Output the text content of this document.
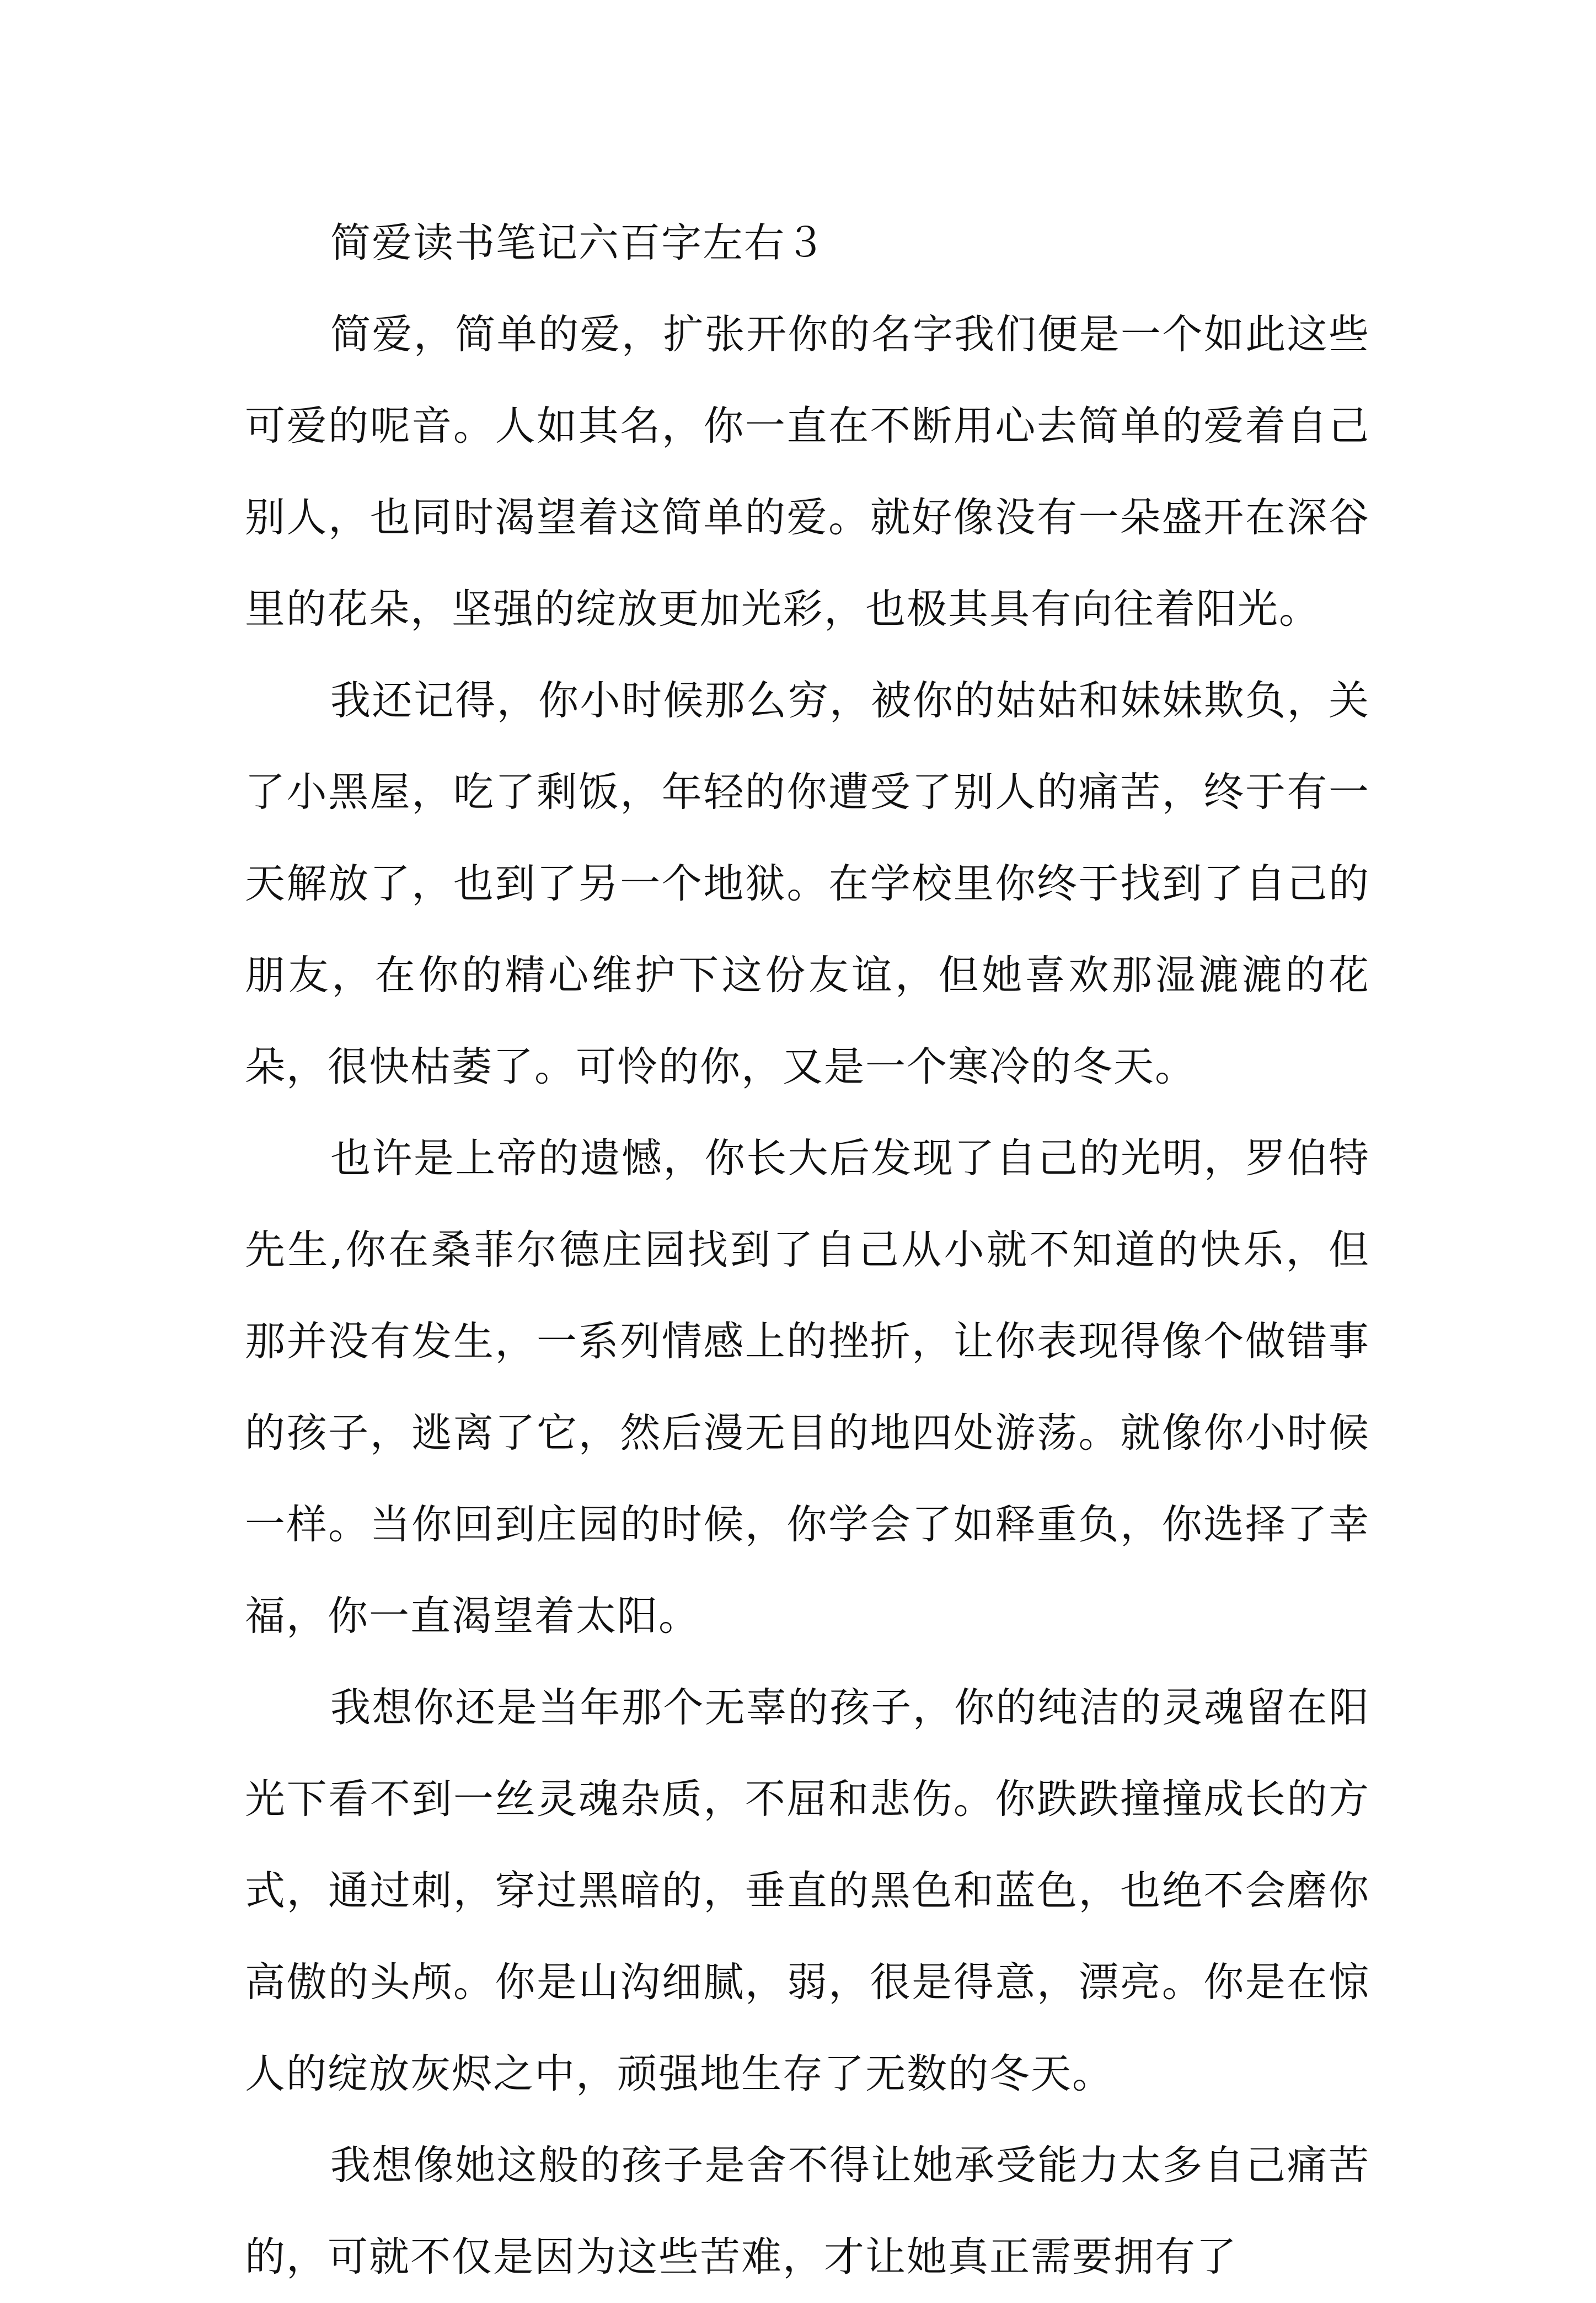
简爱读书笔记六百字左右３

简爱，简单的爱，扩张开你的名字我们便是一个如此这些可爱的呢音。人如其名，你一直在不断用心去简单的爱着自己别人，也同时渴望着这简单的爱。就好像没有一朵盛开在深谷里的花朵，坚强的绽放更加光彩，也极其具有向往着阳光。

我还记得，你小时候那么穷，被你的姑姑和妹妹欺负，关了小黑屋，吃了剩饭，年轻的你遭受了别人的痛苦，终于有一天解放了，也到了另一个地狱。在学校里你终于找到了自己的朋友，在你的精心维护下这份友谊，但她喜欢那湿漉漉的花朵，很快枯萎了。可怜的你，又是一个寒冷的冬天。

也许是上帝的遗憾，你长大后发现了自己的光明，罗伯特先生,你在桑菲尔德庄园找到了自己从小就不知道的快乐，但那并没有发生，一系列情感上的挫折，让你表现得像个做错事的孩子，逃离了它，然后漫无目的地四处游荡。就像你小时候一样。当你回到庄园的时候，你学会了如释重负，你选择了幸福，你一直渴望着太阳。

我想你还是当年那个无辜的孩子，你的纯洁的灵魂留在阳光下看不到一丝灵魂杂质，不屈和悲伤。你跌跌撞撞成长的方式，通过刺，穿过黑暗的，垂直的黑色和蓝色，也绝不会磨你高傲的头颅。你是山沟细腻，弱，很是得意，漂亮。你是在惊人的绽放灰烬之中，顽强地生存了无数的冬天。

我想像她这般的孩子是舍不得让她承受能力太多自己痛苦的，可就不仅是因为这些苦难，才让她真正需要拥有了
